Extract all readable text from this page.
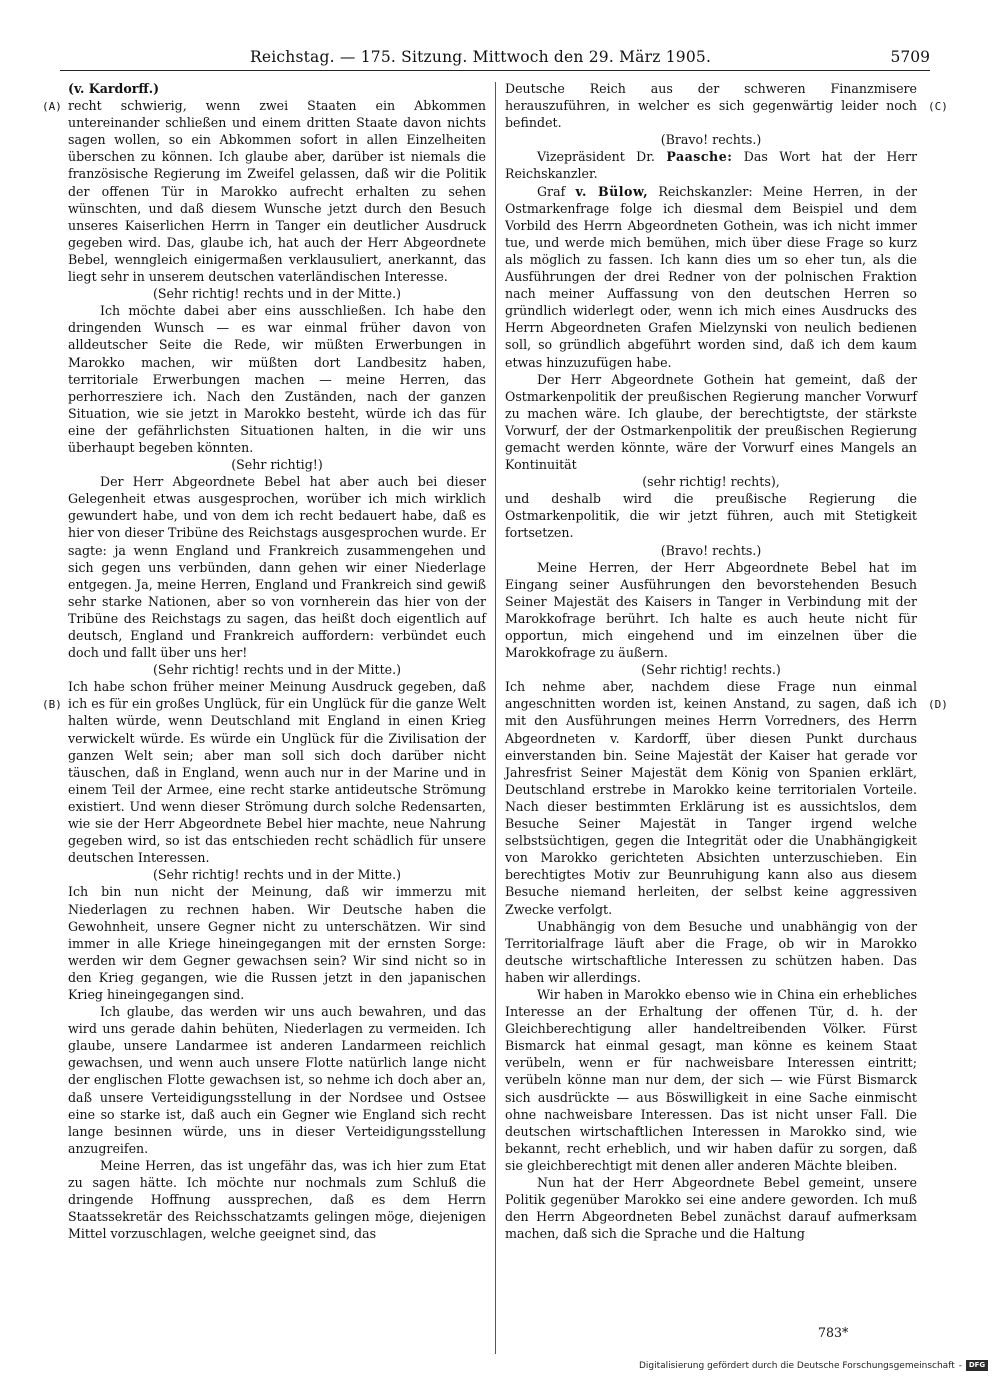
Reichstag. — 175. Sitzung. Mittwoch den 29. März 1905.	5709
(A)
(B)
(C)
(D)

(v. Kardorff.)

recht schwierig, wenn zwei Staaten ein Abkommen untereinander schließen und einem dritten Staate davon nichts sagen wollen, so ein Abkommen sofort in allen Einzelheiten überschen zu können. Ich glaube aber, darüber ist niemals die französische Regierung im Zweifel gelassen, daß wir die Politik der offenen Tür in Marokko aufrecht erhalten zu sehen wünschten, und daß diesem Wunsche jetzt durch den Besuch unseres Kaiserlichen Herrn in Tanger ein deutlicher Ausdruck gegeben wird. Das, glaube ich, hat auch der Herr Abgeordnete Bebel, wenngleich einigermaßen verklausuliert, anerkannt, das liegt sehr in unserem deutschen vaterländischen Interesse.

(Sehr richtig! rechts und in der Mitte.)

Ich möchte dabei aber eins ausschließen. Ich habe den dringenden Wunsch — es war einmal früher davon von alldeutscher Seite die Rede, wir müßten Erwerbungen in Marokko machen, wir müßten dort Landbesitz haben, territoriale Erwerbungen machen — meine Herren, das perhorresziere ich. Nach den Zuständen, nach der ganzen Situation, wie sie jetzt in Marokko besteht, würde ich das für eine der gefährlichsten Situationen halten, in die wir uns überhaupt begeben könnten.

(Sehr richtig!)

Der Herr Abgeordnete Bebel hat aber auch bei dieser Gelegenheit etwas ausgesprochen, worüber ich mich wirklich gewundert habe, und von dem ich recht bedauert habe, daß es hier von dieser Tribüne des Reichstags ausgesprochen wurde. Er sagte: ja wenn England und Frankreich zusammengehen und sich gegen uns verbünden, dann gehen wir einer Niederlage entgegen. Ja, meine Herren, England und Frankreich sind gewiß sehr starke Nationen, aber so von vornherein das hier von der Tribüne des Reichstags zu sagen, das heißt doch eigentlich auf deutsch, England und Frankreich auffordern: verbündet euch doch und fallt über uns her!

(Sehr richtig! rechts und in der Mitte.)

Ich habe schon früher meiner Meinung Ausdruck gegeben, daß ich es für ein großes Unglück, für ein Unglück für die ganze Welt halten würde, wenn Deutschland mit England in einen Krieg verwickelt würde. Es würde ein Unglück für die Zivilisation der ganzen Welt sein; aber man soll sich doch darüber nicht täuschen, daß in England, wenn auch nur in der Marine und in einem Teil der Armee, eine recht starke antideutsche Strömung existiert. Und wenn dieser Strömung durch solche Redensarten, wie sie der Herr Abgeordnete Bebel hier machte, neue Nahrung gegeben wird, so ist das entschieden recht schädlich für unsere deutschen Interessen.

(Sehr richtig! rechts und in der Mitte.)

Ich bin nun nicht der Meinung, daß wir immerzu mit Niederlagen zu rechnen haben. Wir Deutsche haben die Gewohnheit, unsere Gegner nicht zu unterschätzen. Wir sind immer in alle Kriege hineingegangen mit der ernsten Sorge: werden wir dem Gegner gewachsen sein? Wir sind nicht so in den Krieg gegangen, wie die Russen jetzt in den japanischen Krieg hineingegangen sind.

Ich glaube, das werden wir uns auch bewahren, und das wird uns gerade dahin behüten, Niederlagen zu vermeiden. Ich glaube, unsere Landarmee ist anderen Landarmeen reichlich gewachsen, und wenn auch unsere Flotte natürlich lange nicht der englischen Flotte gewachsen ist, so nehme ich doch aber an, daß unsere Verteidigungsstellung in der Nordsee und Ostsee eine so starke ist, daß auch ein Gegner wie England sich recht lange besinnen würde, uns in dieser Verteidigungsstellung anzugreifen.

Meine Herren, das ist ungefähr das, was ich hier zum Etat zu sagen hätte. Ich möchte nur nochmals zum Schluß die dringende Hoffnung aussprechen, daß es dem Herrn Staatssekretär des Reichsschatzamts gelingen möge, diejenigen Mittel vorzuschlagen, welche geeignet sind, das

Deutsche Reich aus der schweren Finanzmisere herauszuführen, in welcher es sich gegenwärtig leider noch befindet.

(Bravo! rechts.)

Vizepräsident Dr. Paasche: Das Wort hat der Herr Reichskanzler.

Graf v. Bülow, Reichskanzler: Meine Herren, in der Ostmarkenfrage folge ich diesmal dem Beispiel und dem Vorbild des Herrn Abgeordneten Gothein, was ich nicht immer tue, und werde mich bemühen, mich über diese Frage so kurz als möglich zu fassen. Ich kann dies um so eher tun, als die Ausführungen der drei Redner von der polnischen Fraktion nach meiner Auffassung von den deutschen Herren so gründlich widerlegt oder, wenn ich mich eines Ausdrucks des Herrn Abgeordneten Grafen Mielzynski von neulich bedienen soll, so gründlich abgeführt worden sind, daß ich dem kaum etwas hinzuzufügen habe.

Der Herr Abgeordnete Gothein hat gemeint, daß der Ostmarkenpolitik der preußischen Regierung mancher Vorwurf zu machen wäre. Ich glaube, der berechtigtste, der stärkste Vorwurf, der der Ostmarkenpolitik der preußischen Regierung gemacht werden könnte, wäre der Vorwurf eines Mangels an Kontinuität

(sehr richtig! rechts),

und deshalb wird die preußische Regierung die Ostmarkenpolitik, die wir jetzt führen, auch mit Stetigkeit fortsetzen.

(Bravo! rechts.)

Meine Herren, der Herr Abgeordnete Bebel hat im Eingang seiner Ausführungen den bevorstehenden Besuch Seiner Majestät des Kaisers in Tanger in Verbindung mit der Marokkofrage berührt. Ich halte es auch heute nicht für opportun, mich eingehend und im einzelnen über die Marokkofrage zu äußern.

(Sehr richtig! rechts.)

Ich nehme aber, nachdem diese Frage nun einmal angeschnitten worden ist, keinen Anstand, zu sagen, daß ich mit den Ausführungen meines Herrn Vorredners, des Herrn Abgeordneten v. Kardorff, über diesen Punkt durchaus einverstanden bin. Seine Majestät der Kaiser hat gerade vor Jahresfrist Seiner Majestät dem König von Spanien erklärt, Deutschland erstrebe in Marokko keine territorialen Vorteile. Nach dieser bestimmten Erklärung ist es aussichtslos, dem Besuche Seiner Majestät in Tanger irgend welche selbstsüchtigen, gegen die Integrität oder die Unabhängigkeit von Marokko gerichteten Absichten unterzuschieben. Ein berechtigtes Motiv zur Beunruhigung kann also aus diesem Besuche niemand herleiten, der selbst keine aggressiven Zwecke verfolgt.

Unabhängig von dem Besuche und unabhängig von der Territorialfrage läuft aber die Frage, ob wir in Marokko deutsche wirtschaftliche Interessen zu schützen haben. Das haben wir allerdings.

Wir haben in Marokko ebenso wie in China ein erhebliches Interesse an der Erhaltung der offenen Tür, d. h. der Gleichberechtigung aller handeltreibenden Völker. Fürst Bismarck hat einmal gesagt, man könne es keinem Staat verübeln, wenn er für nachweisbare Interessen eintritt; verübeln könne man nur dem, der sich — wie Fürst Bismarck sich ausdrückte — aus Böswilligkeit in eine Sache einmischt ohne nachweisbare Interessen. Das ist nicht unser Fall. Die deutschen wirtschaftlichen Interessen in Marokko sind, wie bekannt, recht erheblich, und wir haben dafür zu sorgen, daß sie gleichberechtigt mit denen aller anderen Mächte bleiben.

Nun hat der Herr Abgeordnete Bebel gemeint, unsere Politik gegenüber Marokko sei eine andere geworden. Ich muß den Herrn Abgeordneten Bebel zunächst darauf aufmerksam machen, daß sich die Sprache und die Haltung

783*
Digitalisierung gefördert durch die Deutsche Forschungsgemeinschaft - DFG
